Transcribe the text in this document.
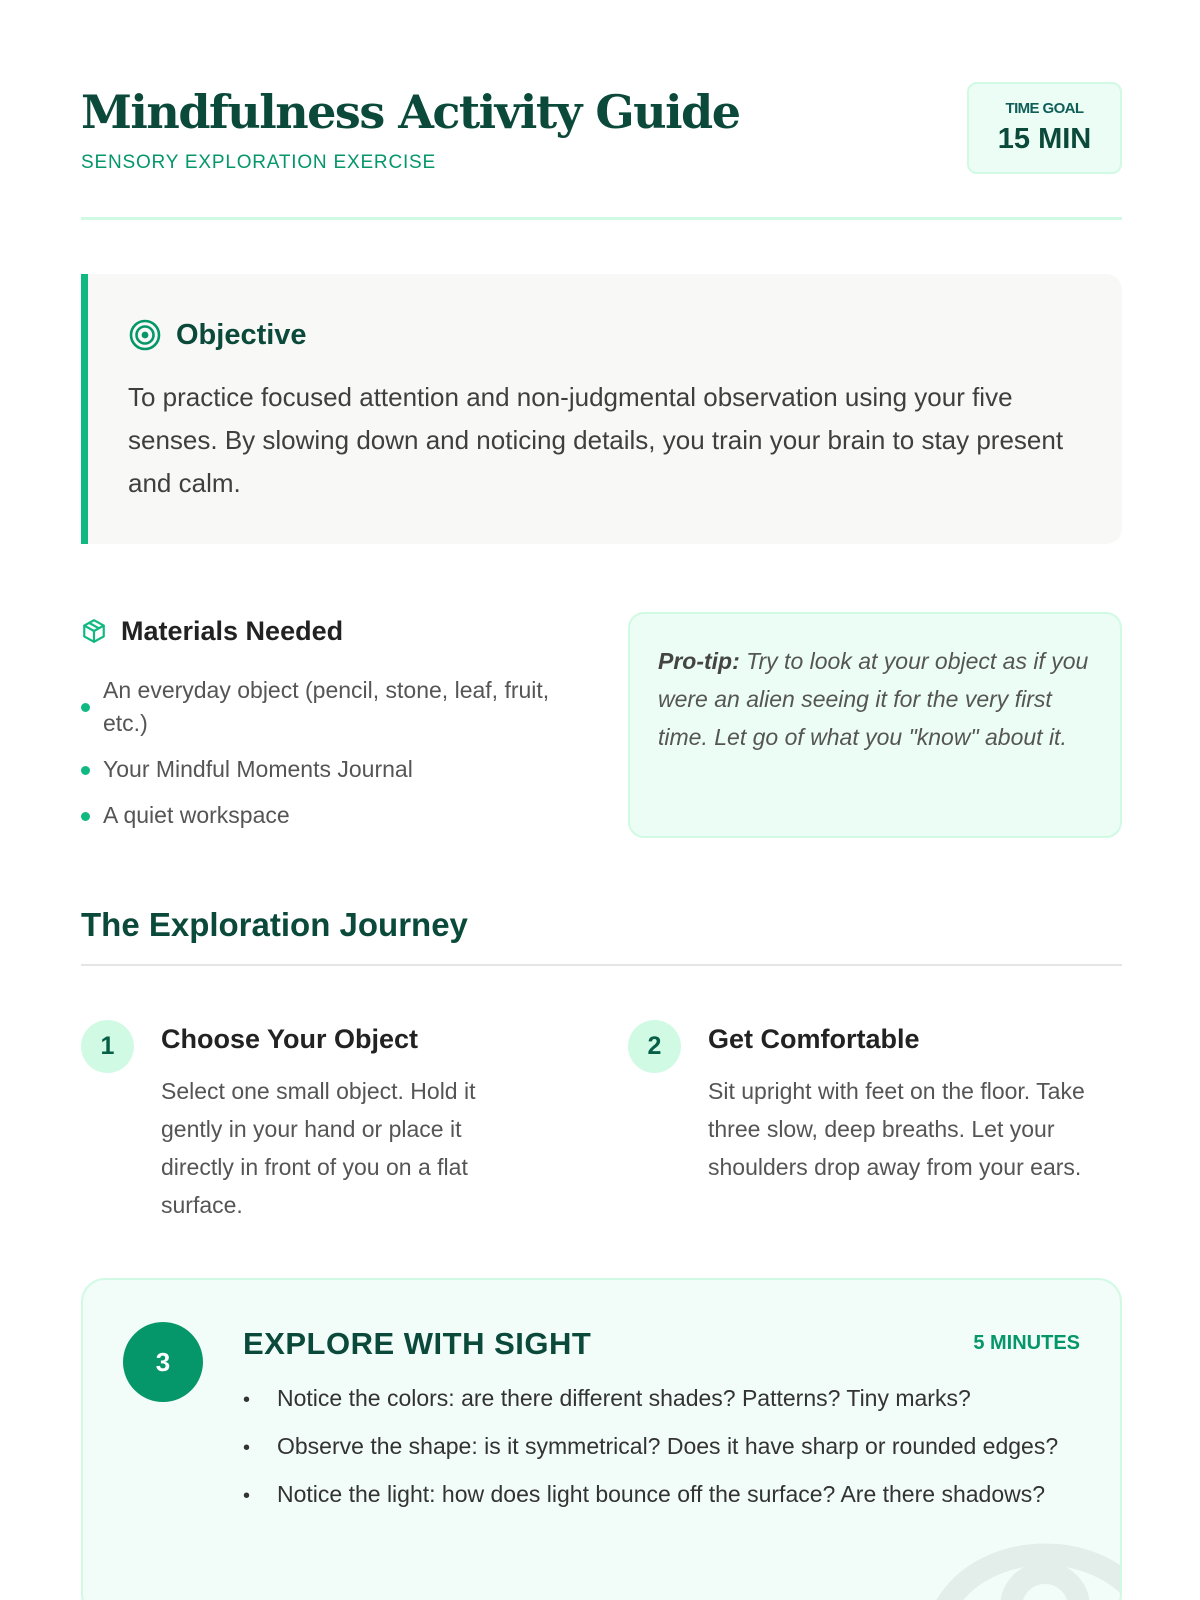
Mindfulness Activity Guide
SENSORY EXPLORATION EXERCISE
TIME GOAL
15 MIN
Objective

To practice focused attention and non-judgmental observation using your five senses. By slowing down and noticing details, you train your brain to stay present and calm.

Materials Needed
An everyday object (pencil, stone, leaf, fruit, etc.)
Your Mindful Moments Journal
A quiet workspace

Pro-tip: Try to look at your object as if you were an alien seeing it for the very first time. Let go of what you "know" about it.

The Exploration Journey
1	Choose Your Object

Select one small object. Hold it gently in your hand or place it directly in front of you on a flat surface.

2	Get Comfortable

Sit upright with feet on the floor. Take three slow, deep breaths. Let your shoulders drop away from your ears.

3
EXPLORE WITH SIGHT	5 MINUTES
• Notice the colors: are there different shades? Patterns? Tiny marks?
• Observe the shape: is it symmetrical? Does it have sharp or rounded edges?
• Notice the light: how does light bounce off the surface? Are there shadows?
